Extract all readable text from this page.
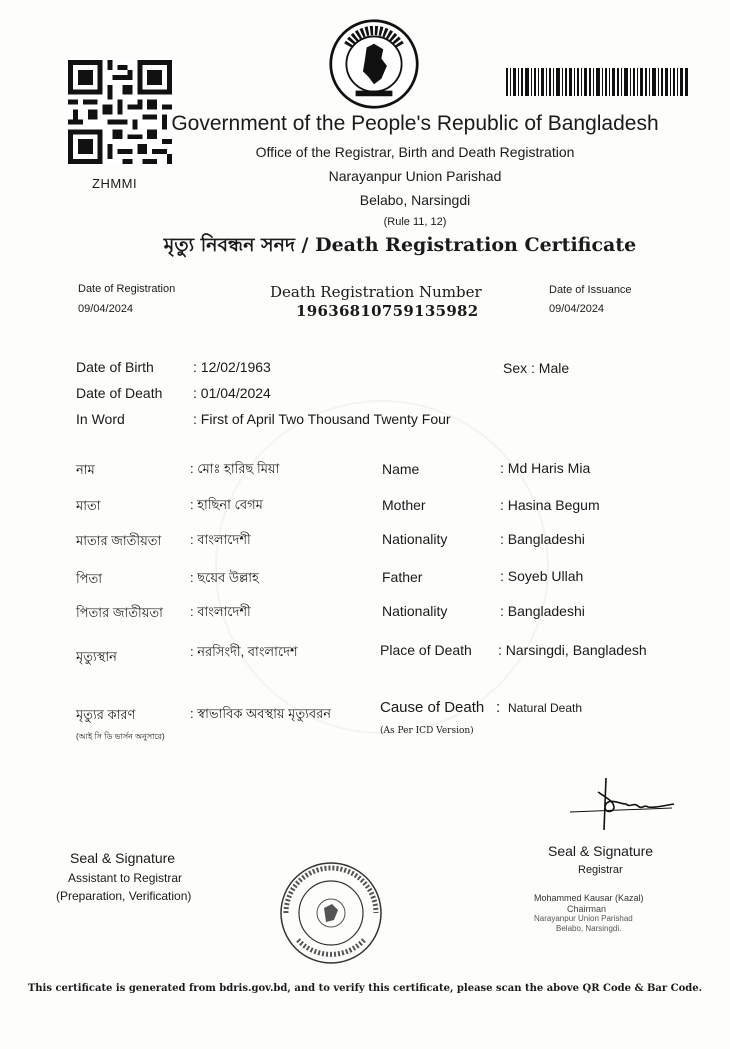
ZHMMI
Government of the People's Republic of Bangladesh
Office of the Registrar, Birth and Death Registration
Narayanpur Union Parishad
Belabo, Narsingdi
(Rule 11, 12)
মৃত্যু নিবন্ধন সনদ / Death Registration Certificate
Date of Registration
09/04/2024
Death Registration Number
19636810759135982
Date of Issuance
09/04/2024
Date of Birth	: 12/02/1963	Sex : Male
Date of Death : 01/04/2024
In Word	: First of April Two Thousand Twenty Four
নাম	: মোঃ হারিছ মিয়া	Name	: Md Haris Mia
মাতা	: হাছিনা বেগম	Mother	: Hasina Begum
মাতার জাতীয়তা : বাংলাদেশী	Nationality	: Bangladeshi
পিতা	: ছয়েব উল্লাহ	Father	: Soyeb Ullah
পিতার জাতীয়তা : বাংলাদেশী	Nationality	: Bangladeshi
মৃত্যুস্থান	: নরসিংদী, বাংলাদেশ	Place of Death : Narsingdi, Bangladesh
মৃত্যুর কারণ
(আই সি ডি ভার্সন অনুসারে)
: স্বাভাবিক অবস্থায় মৃত্যুবরন	Cause of Death : Natural Death
(As Per ICD Version)
Seal & Signature
Assistant to Registrar
(Preparation, Verification)
Seal & Signature
Registrar
Mohammed Kausar (Kazal)
Chairman
Narayanpur Union Parishad
Belabo, Narsingdi.
This certificate is generated from bdris.gov.bd, and to verify this certificate, please scan the above QR Code & Bar Code.
